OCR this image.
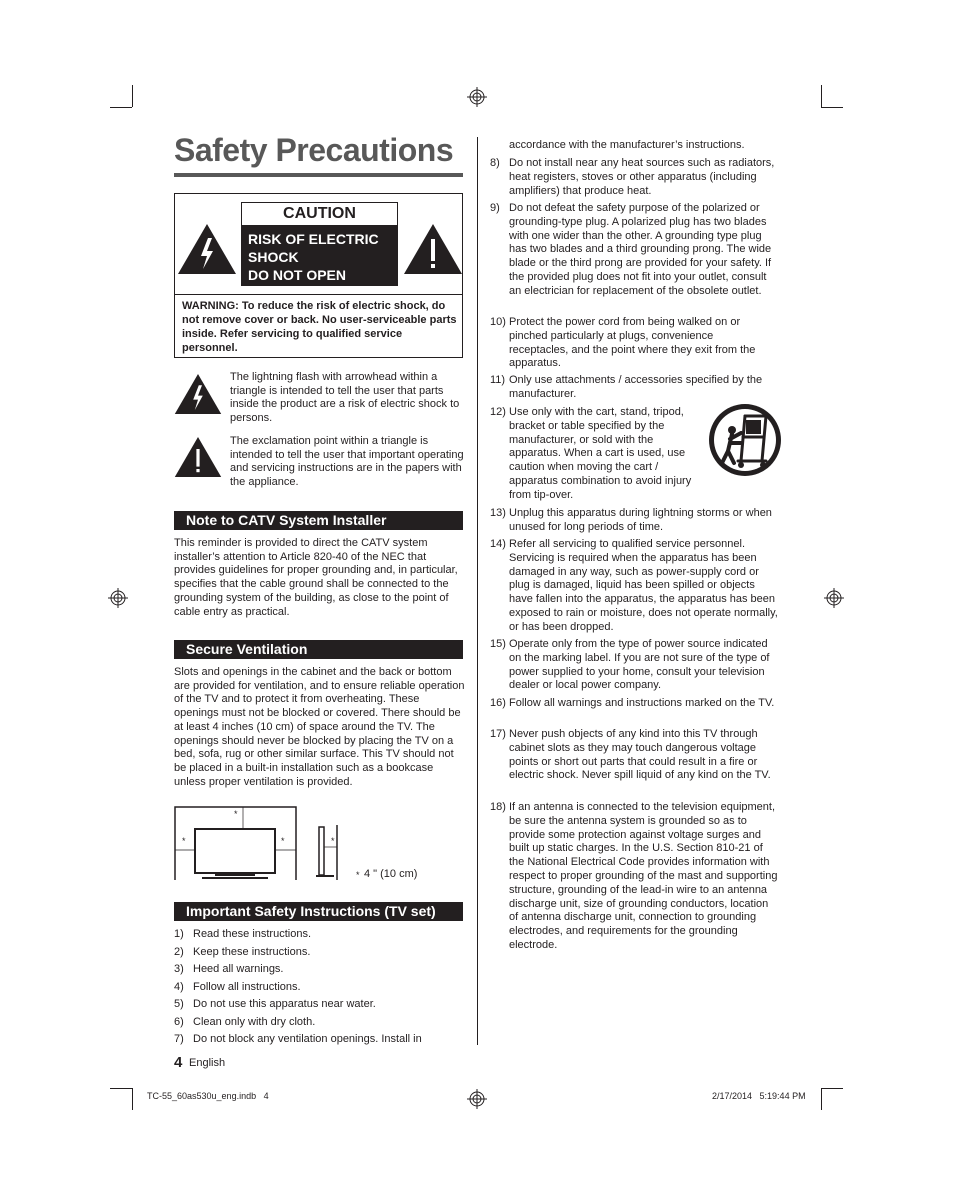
Safety Precautions
CAUTION
RISK OF ELECTRIC
SHOCK
DO NOT OPEN
WARNING: To reduce the risk of electric shock, do not remove cover or back. No user-serviceable parts inside. Refer servicing to qualified service personnel.
The lightning flash with arrowhead within a triangle is intended to tell the user that parts inside the product are a risk of electric shock to persons.
The exclamation point within a triangle is intended to tell the user that important operating and servicing instructions are in the papers with the appliance.
Note to CATV System Installer
This reminder is provided to direct the CATV system installer’s attention to Article 820-40 of the NEC that provides guidelines for proper grounding and, in particular, specifies that the cable ground shall be connected to the grounding system of the building, as close to the point of cable entry as practical.
Secure Ventilation
Slots and openings in the cabinet and the back or bottom are provided for ventilation, and to ensure reliable operation of the TV and to protect it from overheating. These openings must not be blocked or covered. There should be at least 4 inches (10 cm) of space around the TV. The openings should never be blocked by placing the TV on a bed, sofa, rug or other similar surface. This TV should not be placed in a built-in installation such as a bookcase unless proper ventilation is provided.
*
*	*	*
* 4 " (10 cm)
Important Safety Instructions (TV set)
1) Read these instructions.
2) Keep these instructions.
3) Heed all warnings.
4) Follow all instructions.
5) Do not use this apparatus near water.
6) Clean only with dry cloth.
7) Do not block any ventilation openings. Install in
accordance with the manufacturer’s instructions.
8) Do not install near any heat sources such as radiators, heat registers, stoves or other apparatus (including amplifiers) that produce heat.
9) Do not defeat the safety purpose of the polarized or grounding-type plug. A polarized plug has two blades with one wider than the other. A grounding type plug has two blades and a third grounding prong. The wide blade or the third prong are provided for your safety. If the provided plug does not fit into your outlet, consult an electrician for replacement of the obsolete outlet.
10) Protect the power cord from being walked on or pinched particularly at plugs, convenience receptacles, and the point where they exit from the apparatus.
11) Only use attachments / accessories specified by the manufacturer.
12) Use only with the cart, stand, tripod, bracket or table specified by the manufacturer, or sold with the apparatus. When a cart is used, use caution when moving the cart / apparatus combination to avoid injury from tip-over.
13) Unplug this apparatus during lightning storms or when unused for long periods of time.
14) Refer all servicing to qualified service personnel. Servicing is required when the apparatus has been damaged in any way, such as power-supply cord or plug is damaged, liquid has been spilled or objects have fallen into the apparatus, the apparatus has been exposed to rain or moisture, does not operate normally, or has been dropped.
15) Operate only from the type of power source indicated on the marking label. If you are not sure of the type of power supplied to your home, consult your television dealer or local power company.
16) Follow all warnings and instructions marked on the TV.
17) Never push objects of any kind into this TV through cabinet slots as they may touch dangerous voltage points or short out parts that could result in a fire or electric shock. Never spill liquid of any kind on the TV.
18) If an antenna is connected to the television equipment, be sure the antenna system is grounded so as to provide some protection against voltage surges and built up static charges. In the U.S. Section 810-21 of the National Electrical Code provides information with respect to proper grounding of the mast and supporting structure, grounding of the lead-in wire to an antenna discharge unit, size of grounding conductors, location of antenna discharge unit, connection to grounding electrodes, and requirements for the grounding electrode.
4 English
TC-55_60as530u_eng.indb   4	2/17/2014   5:19:44 PM
